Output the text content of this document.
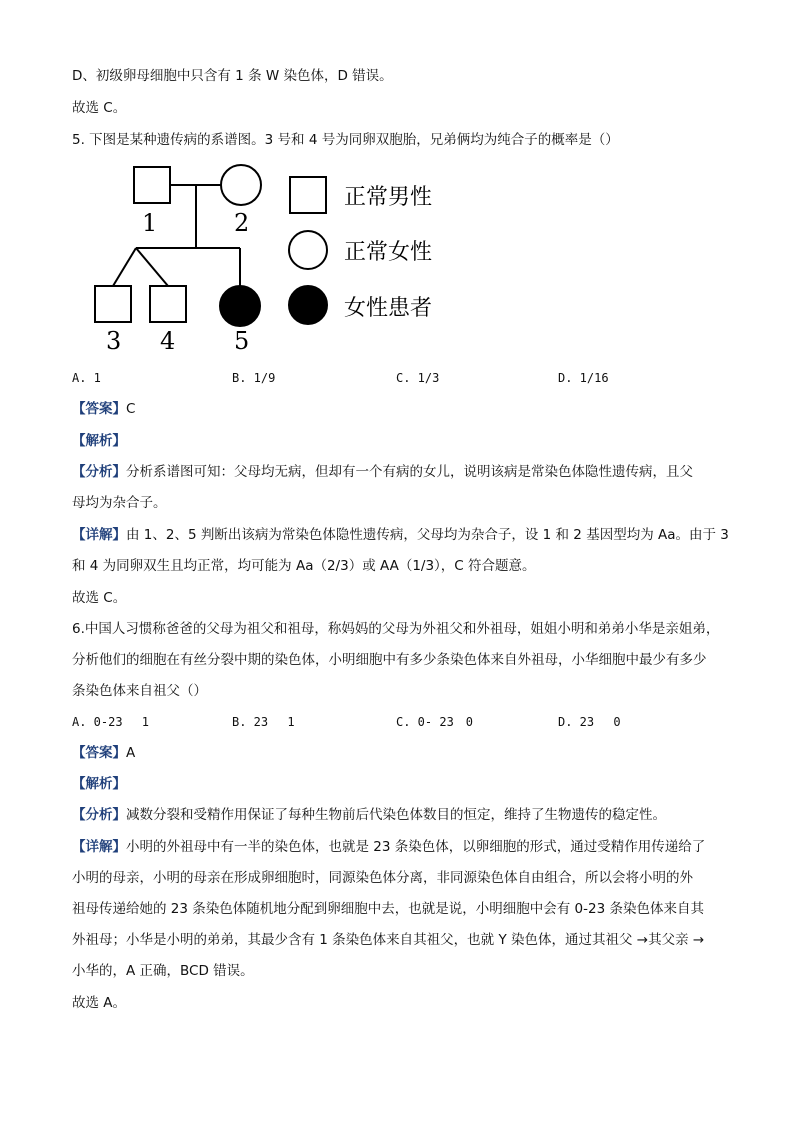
D、初级卵母细胞中只含有 1 条 W 染色体，D 错误。
故选 C。
5. 下图是某种遗传病的系谱图。3 号和 4 号为同卵双胞胎，兄弟俩均为纯合子的概率是（）
1	2
3 4 5
正常男性
正常女性
女性患者
A. 1	B. 1/9	C. 1/3	D. 1/16
【答案】C
【解析】
【分析】分析系谱图可知：父母均无病，但却有一个有病的女儿，说明该病是常染色体隐性遗传病，且父
母均为杂合子。
【详解】由 1、2、5 判断出该病为常染色体隐性遗传病，父母均为杂合子，设 1 和 2 基因型均为 Aa。由于 3
和 4 为同卵双生且均正常，均可能为 Aa（2/3）或 AA（1/3），C 符合题意。
故选 C。
6.中国人习惯称爸爸的父母为祖父和祖母，称妈妈的父母为外祖父和外祖母，姐姐小明和弟弟小华是亲姐弟，
分析他们的细胞在有丝分裂中期的染色体，小明细胞中有多少条染色体来自外祖母，小华细胞中最少有多少
条染色体来自祖父（）
A. 0-23　 1	B. 23　 1	C. 0- 23　0	D. 23　 0
【答案】A
【解析】
【分析】减数分裂和受精作用保证了每种生物前后代染色体数目的恒定，维持了生物遗传的稳定性。
【详解】小明的外祖母中有一半的染色体，也就是 23 条染色体，以卵细胞的形式，通过受精作用传递给了
小明的母亲，小明的母亲在形成卵细胞时，同源染色体分离，非同源染色体自由组合，所以会将小明的外
祖母传递给她的 23 条染色体随机地分配到卵细胞中去，也就是说，小明细胞中会有 0-23 条染色体来自其
外祖母；小华是小明的弟弟，其最少含有 1 条染色体来自其祖父，也就 Y 染色体，通过其祖父 →其父亲 →
小华的，A 正确，BCD 错误。
故选 A。
